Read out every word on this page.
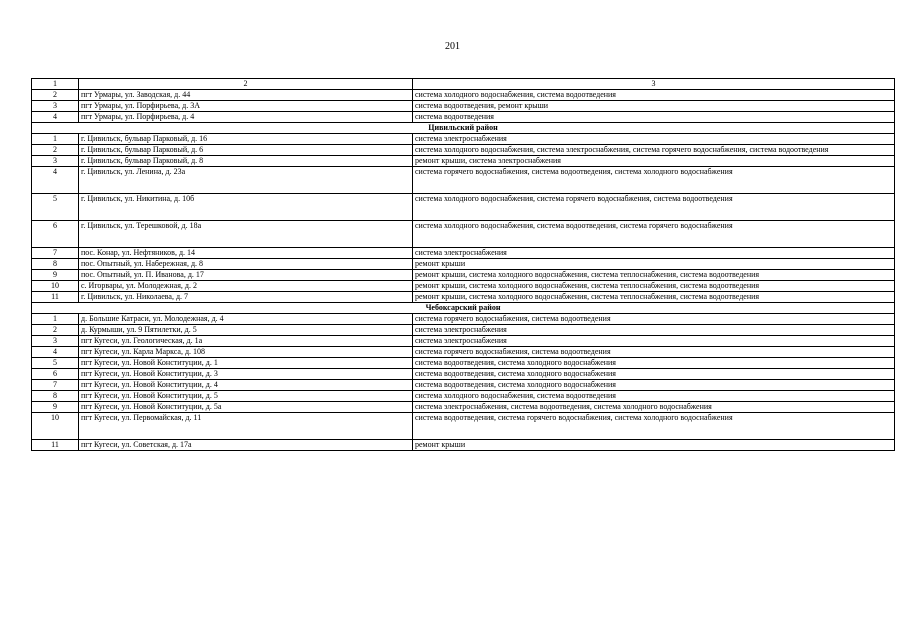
201
1	2	3
2	пгт Урмары, ул. Заводская, д. 44	система холодного водоснабжения, система водоотведения
3	пгт Урмары, ул. Порфирьева, д. 3А	система водоотведения, ремонт крыши
4	пгт Урмары, ул. Порфирьева, д. 4	система водоотведения
Цивильский район		
1	г. Цивильск, бульвар Парковый, д. 16	система электроснабжения
2	г. Цивильск, бульвар Парковый, д. 6	система холодного водоснабжения, система электроснабжения, система горячего водоснабжения, система водоотведения
3	г. Цивильск, бульвар Парковый, д. 8	ремонт крыши, система электроснабжения
4	г. Цивильск, ул. Ленина, д. 23а	система горячего водоснабжения, система водоотведения, система холодного водоснабжения
5	г. Цивильск, ул. Никитина, д. 10б	система холодного водоснабжения, система горячего водоснабжения, система водоотведения
6	г. Цивильск, ул. Терешковой, д. 18а	система холодного водоснабжения, система водоотведения, система горячего водоснабжения
7	пос. Конар, ул. Нефтяников, д. 14	система электроснабжения
8	пос. Опытный, ул. Набережная, д. 8	ремонт крыши
9	пос. Опытный, ул. П. Иванова, д. 17	ремонт крыши, система холодного водоснабжения, система теплоснабжения, система водоотведения
10	с. Игорвары, ул. Молодежная, д. 2	ремонт крыши, система холодного водоснабжения, система теплоснабжения, система водоотведения
11	г. Цивильск, ул. Николаева, д. 7	ремонт крыши, система холодного водоснабжения, система теплоснабжения, система водоотведения
Чебоксарский район		
1	д. Большие Катраси, ул. Молодежная, д. 4	система горячего водоснабжения, система водоотведения
2	д. Курмыши, ул. 9 Пятилетки, д. 5	система электроснабжения
3	пгт Кугеси, ул. Геологическая, д. 1а	система электроснабжения
4	пгт Кугеси, ул. Карла Маркса, д. 108	система горячего водоснабжения, система водоотведения
5	пгт Кугеси, ул. Новой Конституции, д. 1	система водоотведения, система холодного водоснабжения
6	пгт Кугеси, ул. Новой Конституции, д. 3	система водоотведения, система холодного водоснабжения
7	пгт Кугеси, ул. Новой Конституции, д. 4	система водоотведения, система холодного водоснабжения
8	пгт Кугеси, ул. Новой Конституции, д. 5	система холодного водоснабжения, система водоотведения
9	пгт Кугеси, ул. Новой Конституции, д. 5а	система электроснабжения, система водоотведения, система холодного водоснабжения
10	пгт Кугеси, ул. Первомайская, д. 11	система водоотведения, система горячего водоснабжения, система холодного водоснабжения
11	пгт Кугеси, ул. Советская, д. 17а	ремонт крыши
